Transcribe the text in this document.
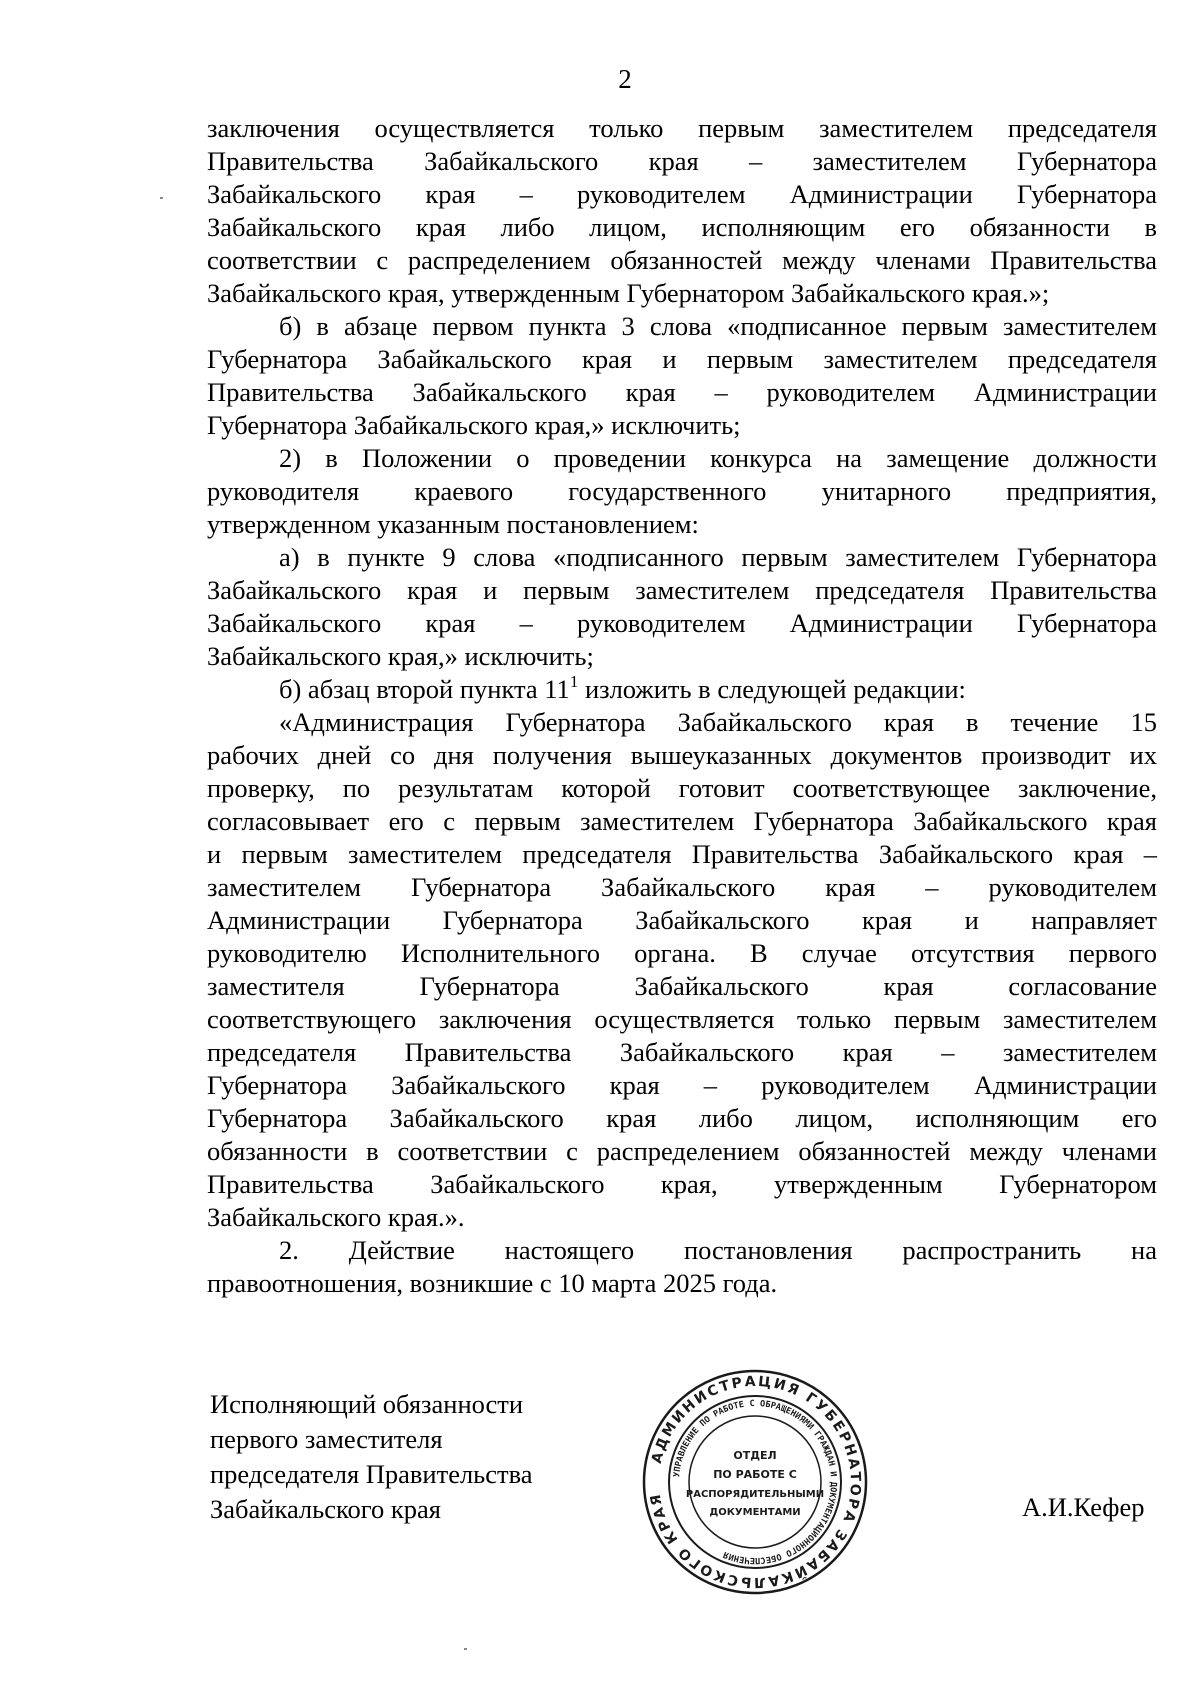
2
заключения осуществляется только первым заместителем председателя
Правительства Забайкальского края – заместителем Губернатора
Забайкальского края – руководителем Администрации Губернатора
Забайкальского края либо лицом, исполняющим его обязанности в
соответствии с распределением обязанностей между членами Правительства
Забайкальского края, утвержденным Губернатором Забайкальского края.»;
б) в абзаце первом пункта 3 слова «подписанное первым заместителем
Губернатора Забайкальского края и первым заместителем председателя
Правительства Забайкальского края – руководителем Администрации
Губернатора Забайкальского края,» исключить;
2) в Положении о проведении конкурса на замещение должности
руководителя краевого государственного унитарного предприятия,
утвержденном указанным постановлением:
а) в пункте 9 слова «подписанного первым заместителем Губернатора
Забайкальского края и первым заместителем председателя Правительства
Забайкальского края – руководителем Администрации Губернатора
Забайкальского края,» исключить;
б) абзац второй пункта $11^1$ изложить в следующей редакции:
«Администрация Губернатора Забайкальского края в течение 15
рабочих дней со дня получения вышеуказанных документов производит их
проверку, по результатам которой готовит соответствующее заключение,
согласовывает его с первым заместителем Губернатора Забайкальского края
и первым заместителем председателя Правительства Забайкальского края –
заместителем Губернатора Забайкальского края – руководителем
Администрации Губернатора Забайкальского края и направляет
руководителю Исполнительного органа. В случае отсутствия первого
заместителя Губернатора Забайкальского края согласование
соответствующего заключения осуществляется только первым заместителем
председателя Правительства Забайкальского края – заместителем
Губернатора Забайкальского края – руководителем Администрации
Губернатора Забайкальского края либо лицом, исполняющим его
обязанности в соответствии с распределением обязанностей между членами
Правительства Забайкальского края, утвержденным Губернатором
Забайкальского края.».
2. Действие настоящего постановления распространить на
правоотношения, возникшие с 10 марта 2025 года.
Исполняющий обязанности
первого заместителя
председателя Правительства
Забайкальского края
АДМИНИСТРАЦИЯ ГУБЕРНАТОРА ЗАБАЙКАЛЬСКОГО КРАЯ
УПРАВЛЕНИЕ ПО РАБОТЕ С ОБРАЩЕНИЯМИ ГРАЖДАН И ДОКУМЕНТАЦИОННОГО ОБЕСПЕЧЕНИЯ
ОТДЕЛ
ПО РАБОТЕ С
РАСПОРЯДИТЕЛЬНЫМИ
ДОКУМЕНТАМИ	А.И.Кефер
